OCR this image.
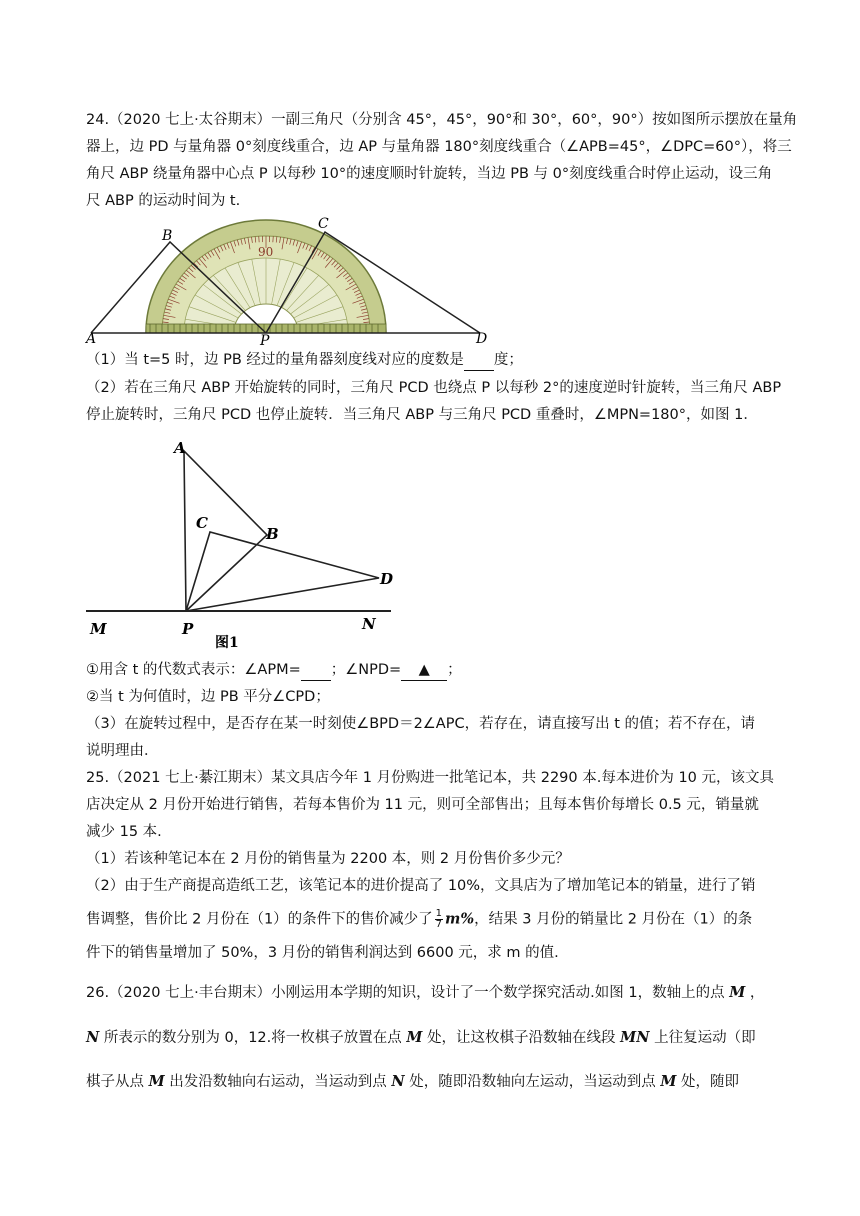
24.（2020 七上·太谷期末）一副三角尺（分别含 45°，45°，90°和 30°，60°，90°）按如图所示摆放在量角
器上，边 PD 与量角器 0°刻度线重合，边 AP 与量角器 180°刻度线重合（∠APB=45°，∠DPC=60°），将三
角尺 ABP 绕量角器中心点 P 以每秒 10°的速度顺时针旋转，当边 PB 与 0°刻度线重合时停止运动，设三角
尺 ABP 的运动时间为 t.
90
A
B
C
D
P
（1）当 t=5 时，边 PB 经过的量角器刻度线对应的度数是 度；
（2）若在三角尺 ABP 开始旋转的同时，三角尺 PCD 也绕点 P 以每秒 2°的速度逆时针旋转，当三角尺 ABP
停止旋转时，三角尺 PCD 也停止旋转．当三角尺 ABP 与三角尺 PCD 重叠时，∠MPN=180°，如图 1．
A
C
B
D
M	P	N
图1
①用含 t 的代数式表示：∠APM= ；∠NPD= ▲ ；
②当 t 为何值时，边 PB 平分∠CPD；
（3）在旋转过程中，是否存在某一时刻使∠BPD＝2∠APC，若存在，请直接写出 t 的值；若不存在，请
说明理由．
25.（2021 七上·綦江期末）某文具店今年 1 月份购进一批笔记本，共 2290 本.每本进价为 10 元，该文具
店决定从 2 月份开始进行销售，若每本售价为 11 元，则可全部售出；且每本售价每增长 0.5 元，销量就
减少 15 本.
（1）若该种笔记本在 2 月份的销售量为 2200 本，则 2 月份售价多少元？
（2）由于生产商提高造纸工艺，该笔记本的进价提高了 10%，文具店为了增加笔记本的销量，进行了销
售调整，售价比 2 月份在（1）的条件下的售价减少了 $\frac{1}{7} m\%$，结果 3 月份的销量比 2 月份在（1）的条
件下的销售量增加了 50%，3 月份的销售利润达到 6600 元，求 m 的值.
26.（2020 七上·丰台期末）小刚运用本学期的知识，设计了一个数学探究活动.如图 1，数轴上的点 M ，
N 所表示的数分别为 0，12.将一枚棋子放置在点 M 处，让这枚棋子沿数轴在线段 MN 上往复运动（即
棋子从点 M 出发沿数轴向右运动，当运动到点 N 处，随即沿数轴向左运动，当运动到点 M 处，随即
